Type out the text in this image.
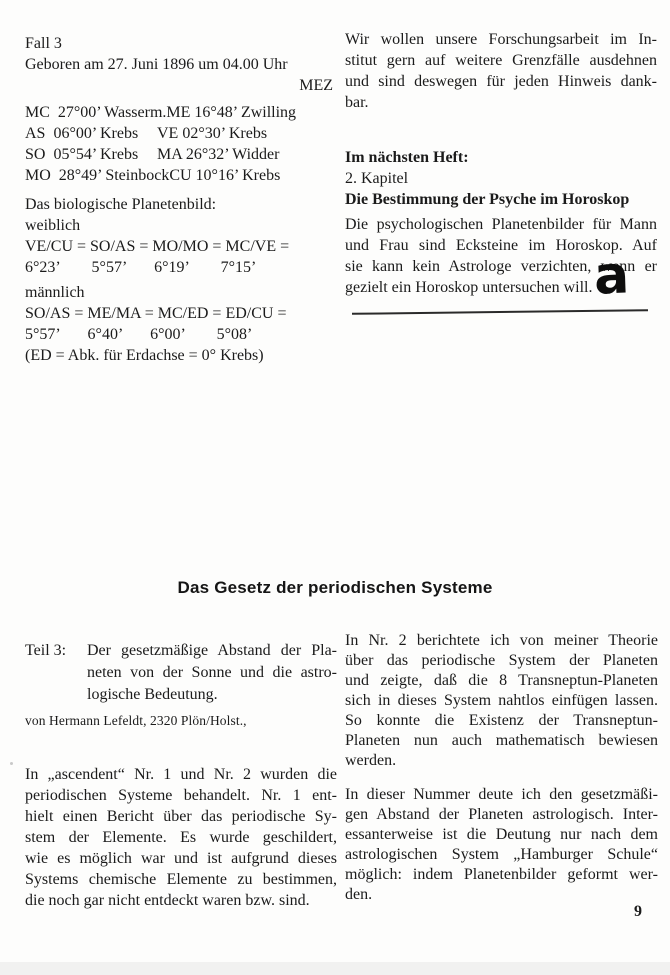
Fall 3
Geboren am 27. Juni 1896 um 04.00 Uhr
MEZ
MC  27°00’ Wasserm. ME 16°48’ Zwilling
AS  06°00’ Krebs	VE 02°30’ Krebs
SO  05°54’ Krebs	MA 26°32’ Widder
MO  28°49’ Steinbock CU 10°16’ Krebs
Das biologische Planetenbild:
weiblich
VE/CU = SO/AS = MO/MO = MC/VE =
6°23’        5°57’       6°19’        7°15’
männlich
SO/AS = ME/MA = MC/ED = ED/CU =
5°57’       6°40’       6°00’        5°08’
(ED = Abk. für Erdachse = 0° Krebs)
Wir wollen unsere Forschungsarbeit im In-
stitut gern auf weitere Grenzfälle ausdehnen
und sind deswegen für jeden Hinweis dank-
bar.
Im nächsten Heft:
2. Kapitel
Die Bestimmung der Psyche im Horoskop
Die psychologischen Planetenbilder für Mann
und Frau sind Ecksteine im Horoskop. Auf
sie kann kein Astrologe verzichten, wenn er
gezielt ein Horoskop untersuchen will. a
Das Gesetz der periodischen Systeme
Teil 3:	Der gesetzmäßige Abstand der Pla-
neten von der Sonne und die astro-
logische Bedeutung.
von Hermann Lefeldt, 2320 Plön/Holst.,
In „ascendent“ Nr. 1 und Nr. 2 wurden die
periodischen Systeme behandelt. Nr. 1 ent-
hielt einen Bericht über das periodische Sy-
stem der Elemente. Es wurde geschildert,
wie es möglich war und ist aufgrund dieses
Systems chemische Elemente zu bestimmen,
die noch gar nicht entdeckt waren bzw. sind.
In Nr. 2 berichtete ich von meiner Theorie
über das periodische System der Planeten
und zeigte, daß die 8 Transneptun-Planeten
sich in dieses System nahtlos einfügen lassen.
So konnte die Existenz der Transneptun-
Planeten nun auch mathematisch bewiesen
werden.
In dieser Nummer deute ich den gesetzmäßi-
gen Abstand der Planeten astrologisch. Inter-
essanterweise ist die Deutung nur nach dem
astrologischen System „Hamburger Schule“
möglich: indem Planetenbilder geformt wer-
den.
9
